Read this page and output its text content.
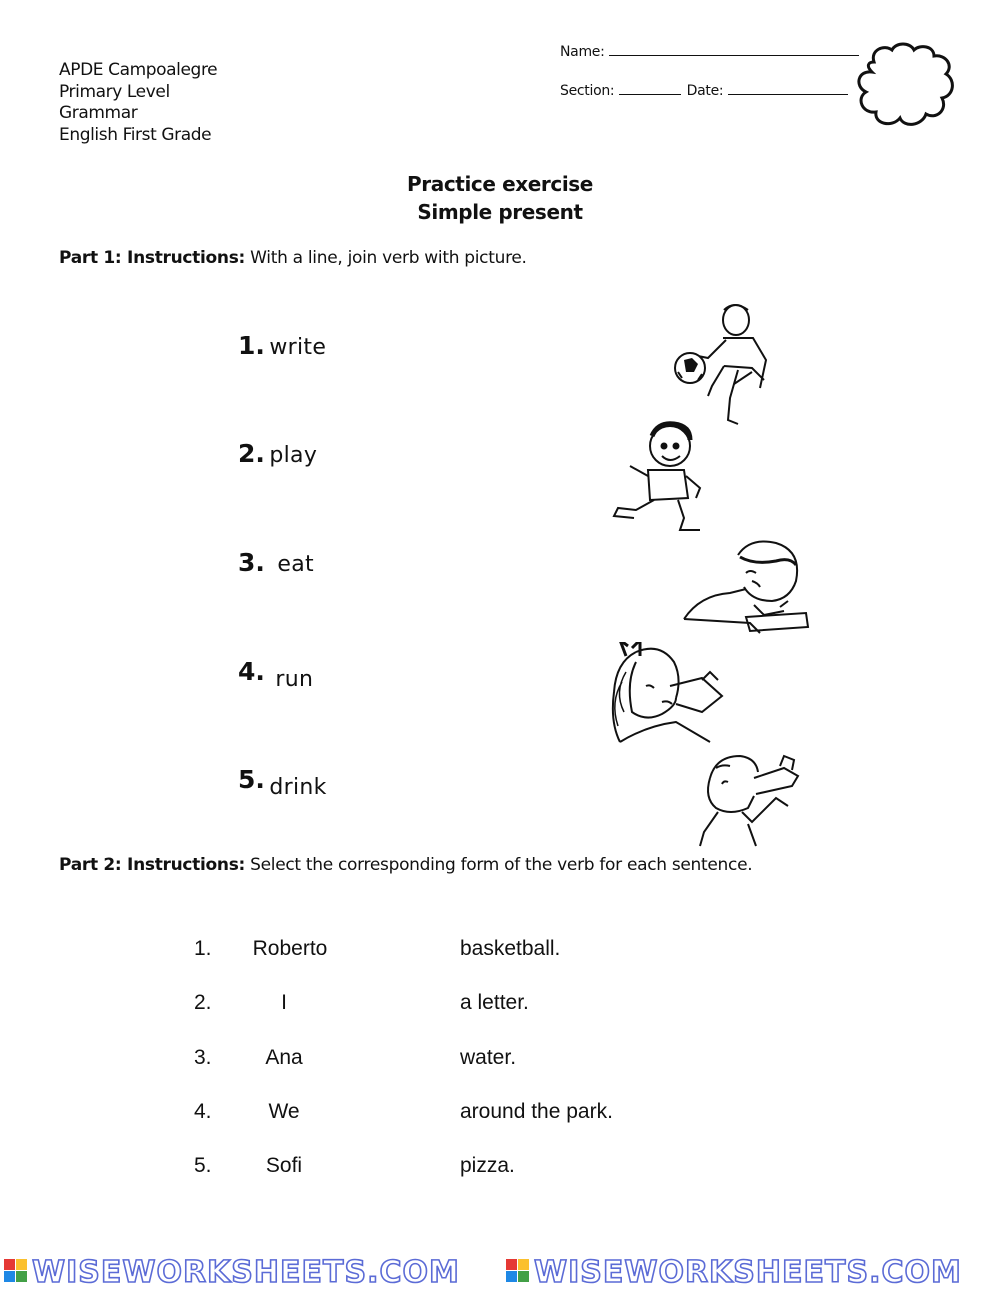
APDE Campoalegre
Primary Level
Grammar
English First Grade
Name:
Section:	Date:
Practice exercise
Simple present
Part 1: Instructions: With a line, join verb with picture.
1. write
2. play
3. eat
4. run
5. drink
Part 2: Instructions: Select the corresponding form of the verb for each sentence.
1.	Roberto	basketball.
2.	I	a letter.
3.	Ana	water.
4.	We	around the park.
5.	Sofi	pizza.
WISEWORKSHEETS.COM WISEWORKSHEETS.COM
